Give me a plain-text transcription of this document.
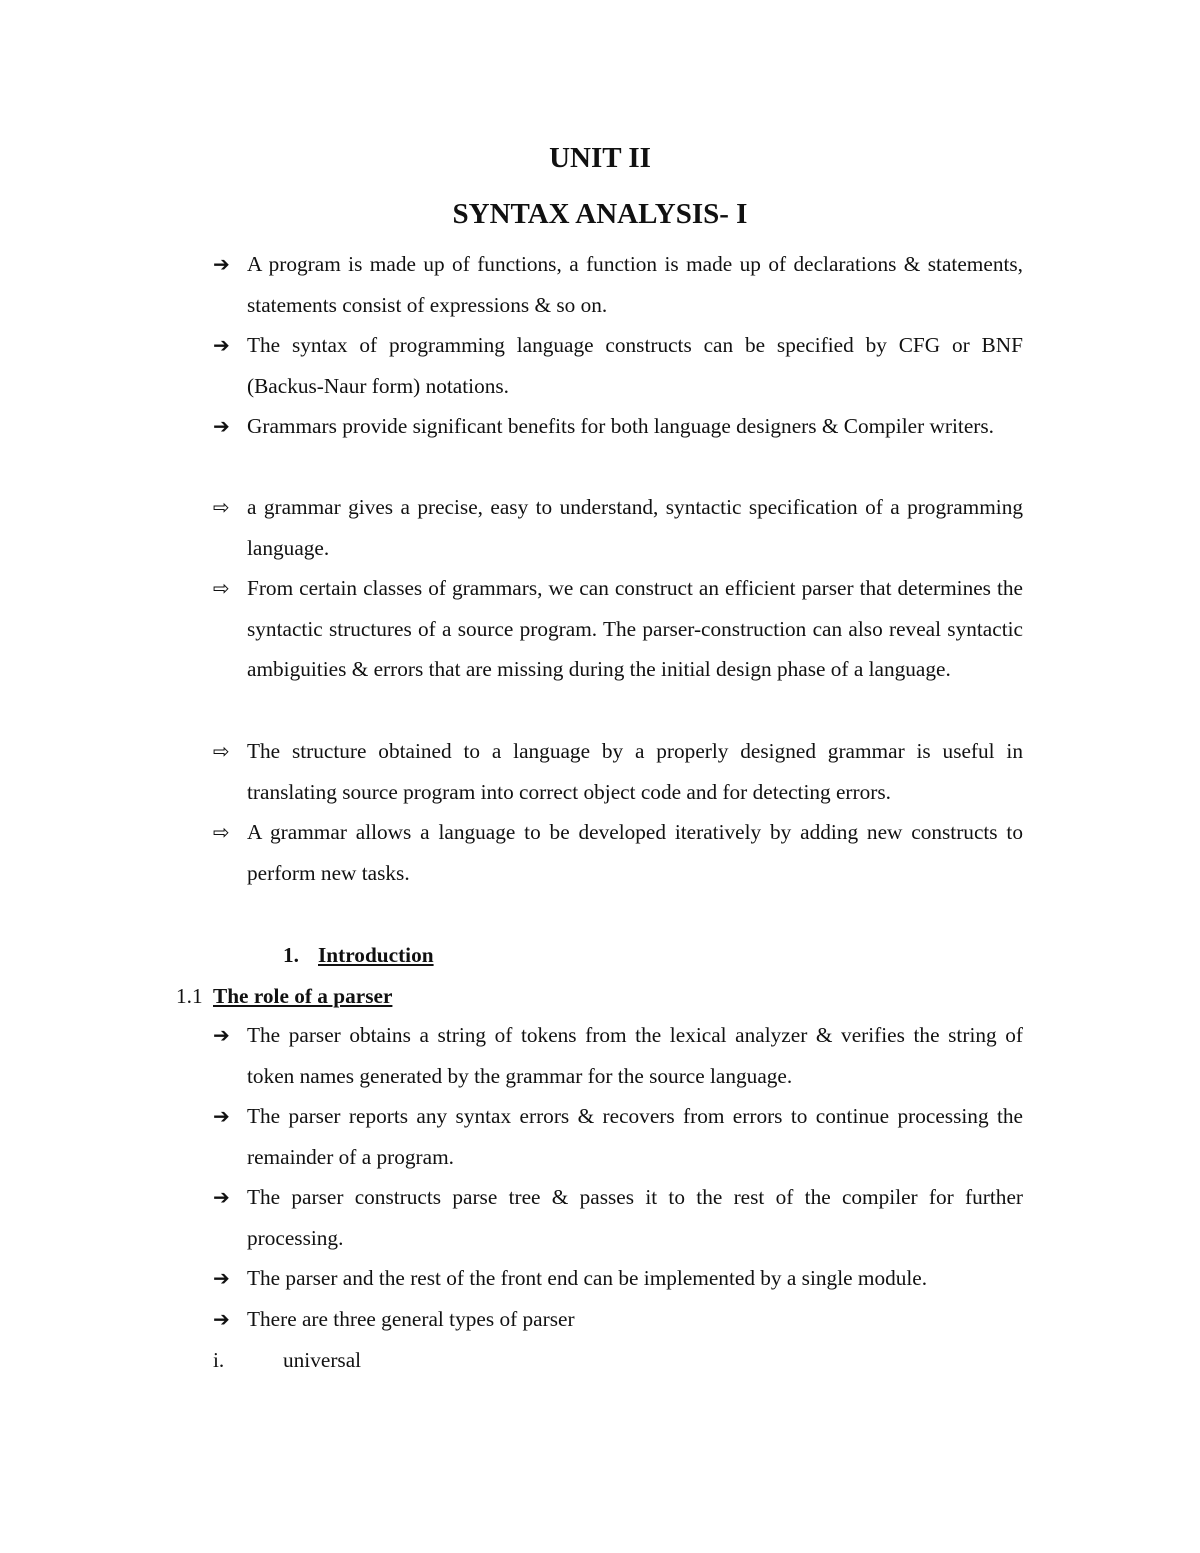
UNIT II
SYNTAX ANALYSIS- I
➔ A program is made up of functions, a function is made up of declarations & statements, statements consist of expressions & so on.

➔ The syntax of programming language constructs can be specified by CFG or BNF (Backus-Naur form) notations.

➔ Grammars provide significant benefits for both language designers & Compiler writers.

⇨ a grammar gives a precise, easy to understand, syntactic specification of a programming language.

⇨ From certain classes of grammars, we can construct an efficient parser that determines the syntactic structures of a source program. The parser-construction can also reveal syntactic ambiguities & errors that are missing during the initial design phase of a language.

⇨ The structure obtained to a language by a properly designed grammar is useful in translating source program into correct object code and for detecting errors.

⇨ A grammar allows a language to be developed iteratively by adding new constructs to perform new tasks.

1. Introduction
1.1 The role of a parser
➔ The parser obtains a string of tokens from the lexical analyzer & verifies the string of token names generated by the grammar for the source language.

➔ The parser reports any syntax errors & recovers from errors to continue processing the remainder of a program.

➔ The parser constructs parse tree & passes it to the rest of the compiler for further processing.

➔ The parser and the rest of the front end can be implemented by a single module.

➔ There are three general types of parser

i.	universal
